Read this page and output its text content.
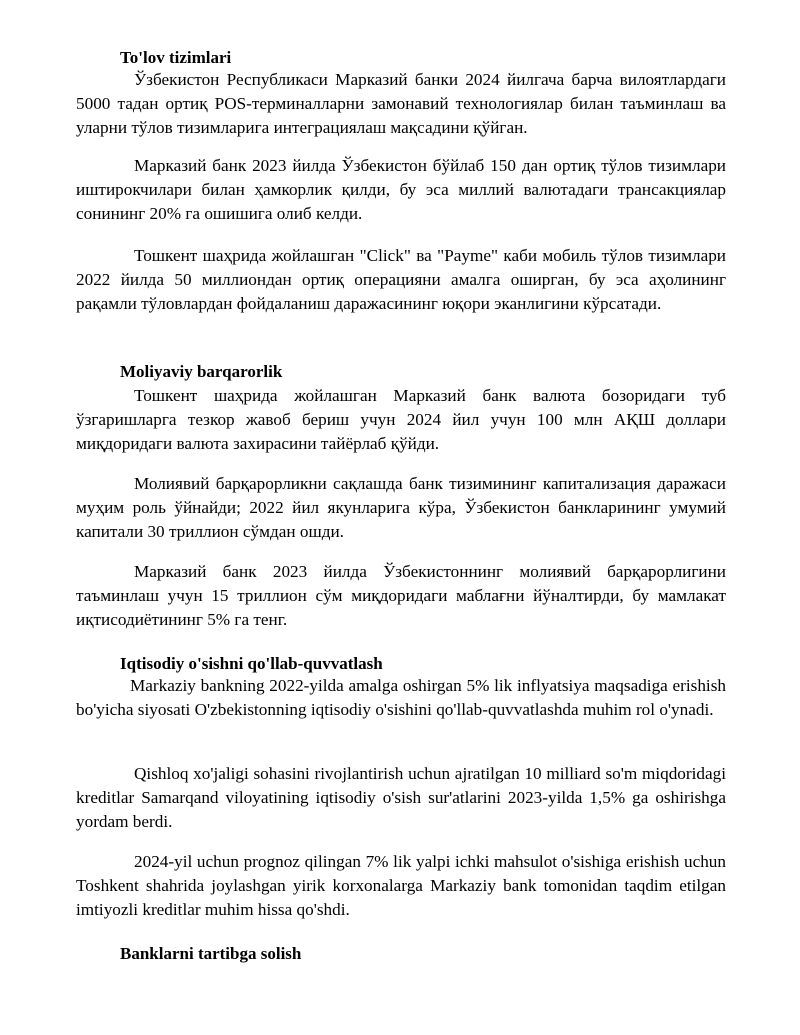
To'lov tizimlari

Ўзбекистон Республикаси Марказий банки 2024 йилгача барча вилоятлардаги 5000 тадан ортиқ POS-терминалларни замонавий технологиялар билан таъминлаш ва уларни тўлов тизимларига интеграциялаш мақсадини қўйган.

Марказий банк 2023 йилда Ўзбекистон бўйлаб 150 дан ортиқ тўлов тизимлари иштирокчилари билан ҳамкорлик қилди, бу эса миллий валютадаги трансакциялар сонининг 20% га ошишига олиб келди.

Тошкент шаҳрида жойлашган "Click" ва "Payme" каби мобиль тўлов тизимлари 2022 йилда 50 миллиондан ортиқ операцияни амалга оширган, бу эса аҳолининг рақамли тўловлардан фойдаланиш даражасининг юқори эканлигини кўрсатади.

Moliyaviy barqarorlik

Тошкент шаҳрида жойлашган Марказий банк валюта бозоридаги туб ўзгаришларга тезкор жавоб бериш учун 2024 йил учун 100 млн АҚШ доллари миқдоридаги валюта захирасини тайёрлаб қўйди.

Молиявий барқарорликни сақлашда банк тизимининг капитализация даражаси муҳим роль ўйнайди; 2022 йил якунларига кўра, Ўзбекистон банкларининг умумий капитали 30 триллион сўмдан ошди.

Марказий банк 2023 йилда Ўзбекистоннинг молиявий барқарорлигини таъминлаш учун 15 триллион сўм миқдоридаги маблағни йўналтирди, бу мамлакат иқтисодиётининг 5% га тенг.

Iqtisodiy o'sishni qo'llab-quvvatlash

Markaziy bankning 2022-yilda amalga oshirgan 5% lik inflyatsiya maqsadiga erishish bo'yicha siyosati O'zbekistonning iqtisodiy o'sishini qo'llab-quvvatlashda muhim rol o'ynadi.

Qishloq xo'jaligi sohasini rivojlantirish uchun ajratilgan 10 milliard so'm miqdoridagi kreditlar Samarqand viloyatining iqtisodiy o'sish sur'atlarini 2023-yilda 1,5% ga oshirishga yordam berdi.

2024-yil uchun prognoz qilingan 7% lik yalpi ichki mahsulot o'sishiga erishish uchun Toshkent shahrida joylashgan yirik korxonalarga Markaziy bank tomonidan taqdim etilgan imtiyozli kreditlar muhim hissa qo'shdi.

Banklarni tartibga solish
